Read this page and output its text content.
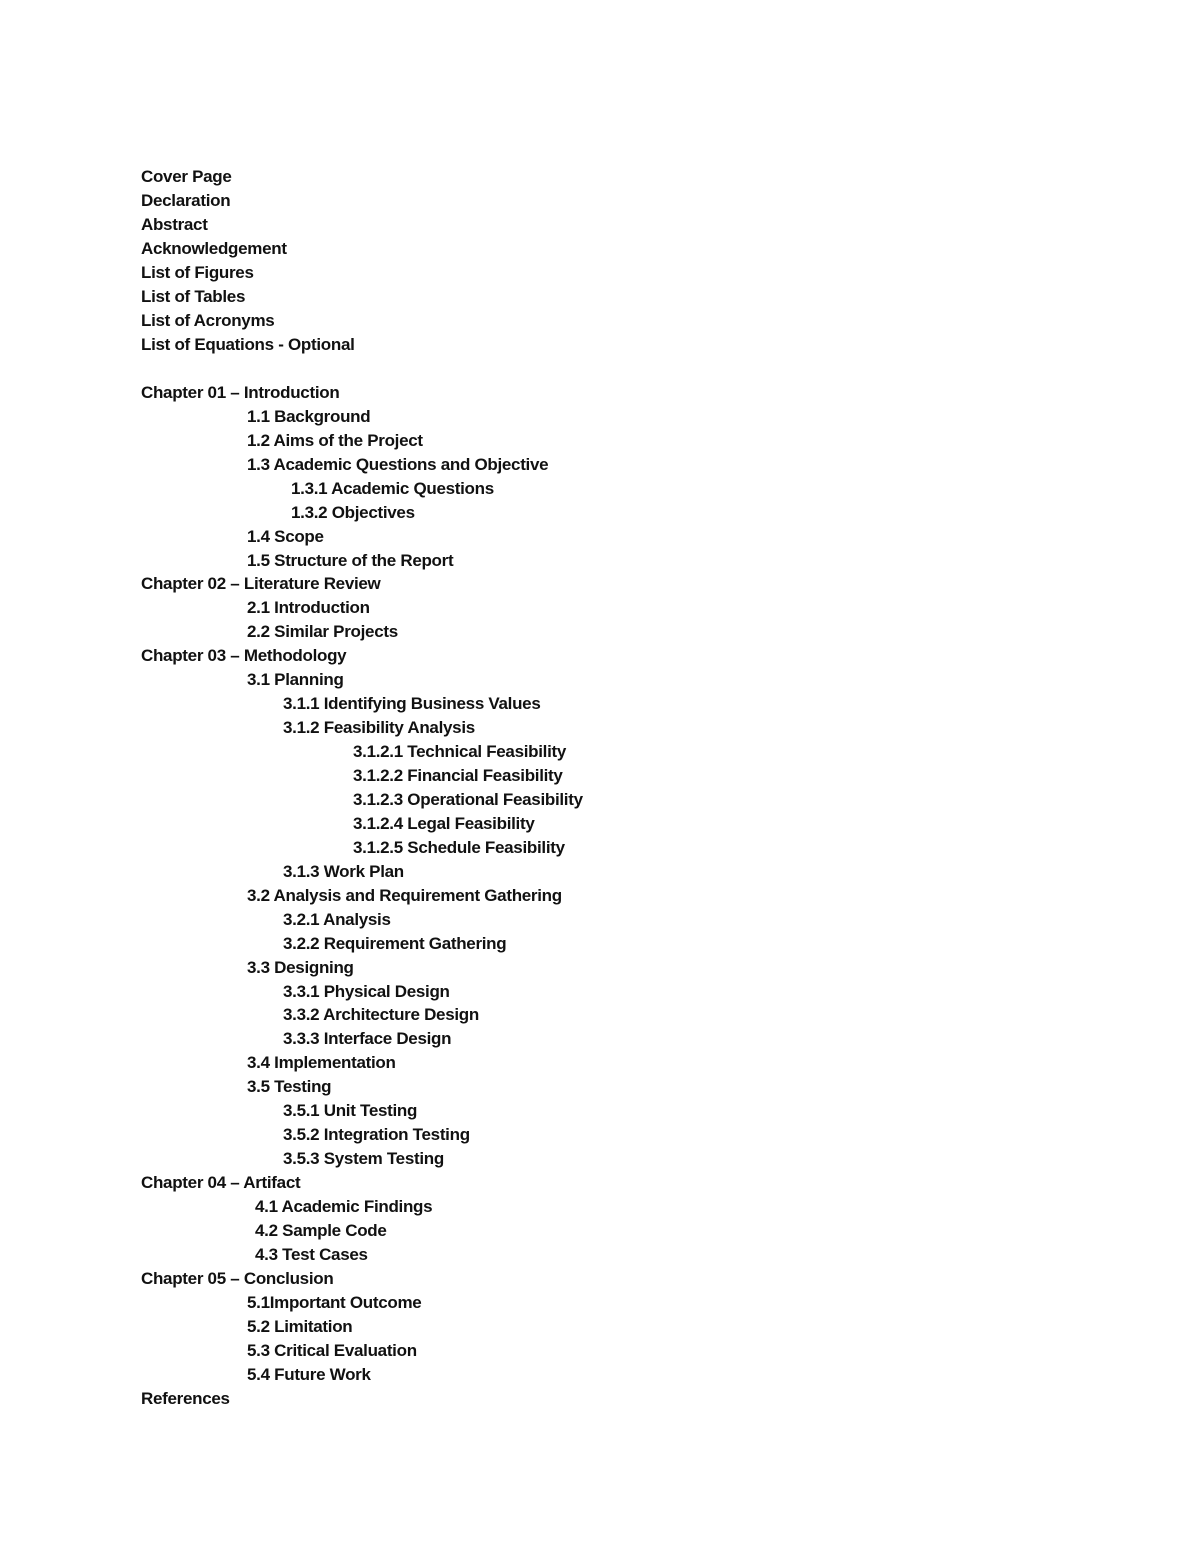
Cover Page
Declaration
Abstract
Acknowledgement
List of Figures
List of Tables
List of Acronyms
List of Equations - Optional
Chapter 01 – Introduction
1.1 Background
1.2 Aims of the Project
1.3 Academic Questions and Objective
1.3.1 Academic Questions
1.3.2 Objectives
1.4 Scope
1.5 Structure of the Report
Chapter 02 – Literature Review
2.1 Introduction
2.2 Similar Projects
Chapter 03 – Methodology
3.1 Planning
3.1.1 Identifying Business Values
3.1.2 Feasibility Analysis
3.1.2.1 Technical Feasibility
3.1.2.2 Financial Feasibility
3.1.2.3 Operational Feasibility
3.1.2.4 Legal Feasibility
3.1.2.5 Schedule Feasibility
3.1.3 Work Plan
3.2 Analysis and Requirement Gathering
3.2.1 Analysis
3.2.2 Requirement Gathering
3.3 Designing
3.3.1 Physical Design
3.3.2 Architecture Design
3.3.3 Interface Design
3.4 Implementation
3.5 Testing
3.5.1 Unit Testing
3.5.2 Integration Testing
3.5.3 System Testing
Chapter 04 – Artifact
4.1 Academic Findings
4.2 Sample Code
4.3 Test Cases
Chapter 05 – Conclusion
5.1Important Outcome
5.2 Limitation
5.3 Critical Evaluation
5.4 Future Work
References
